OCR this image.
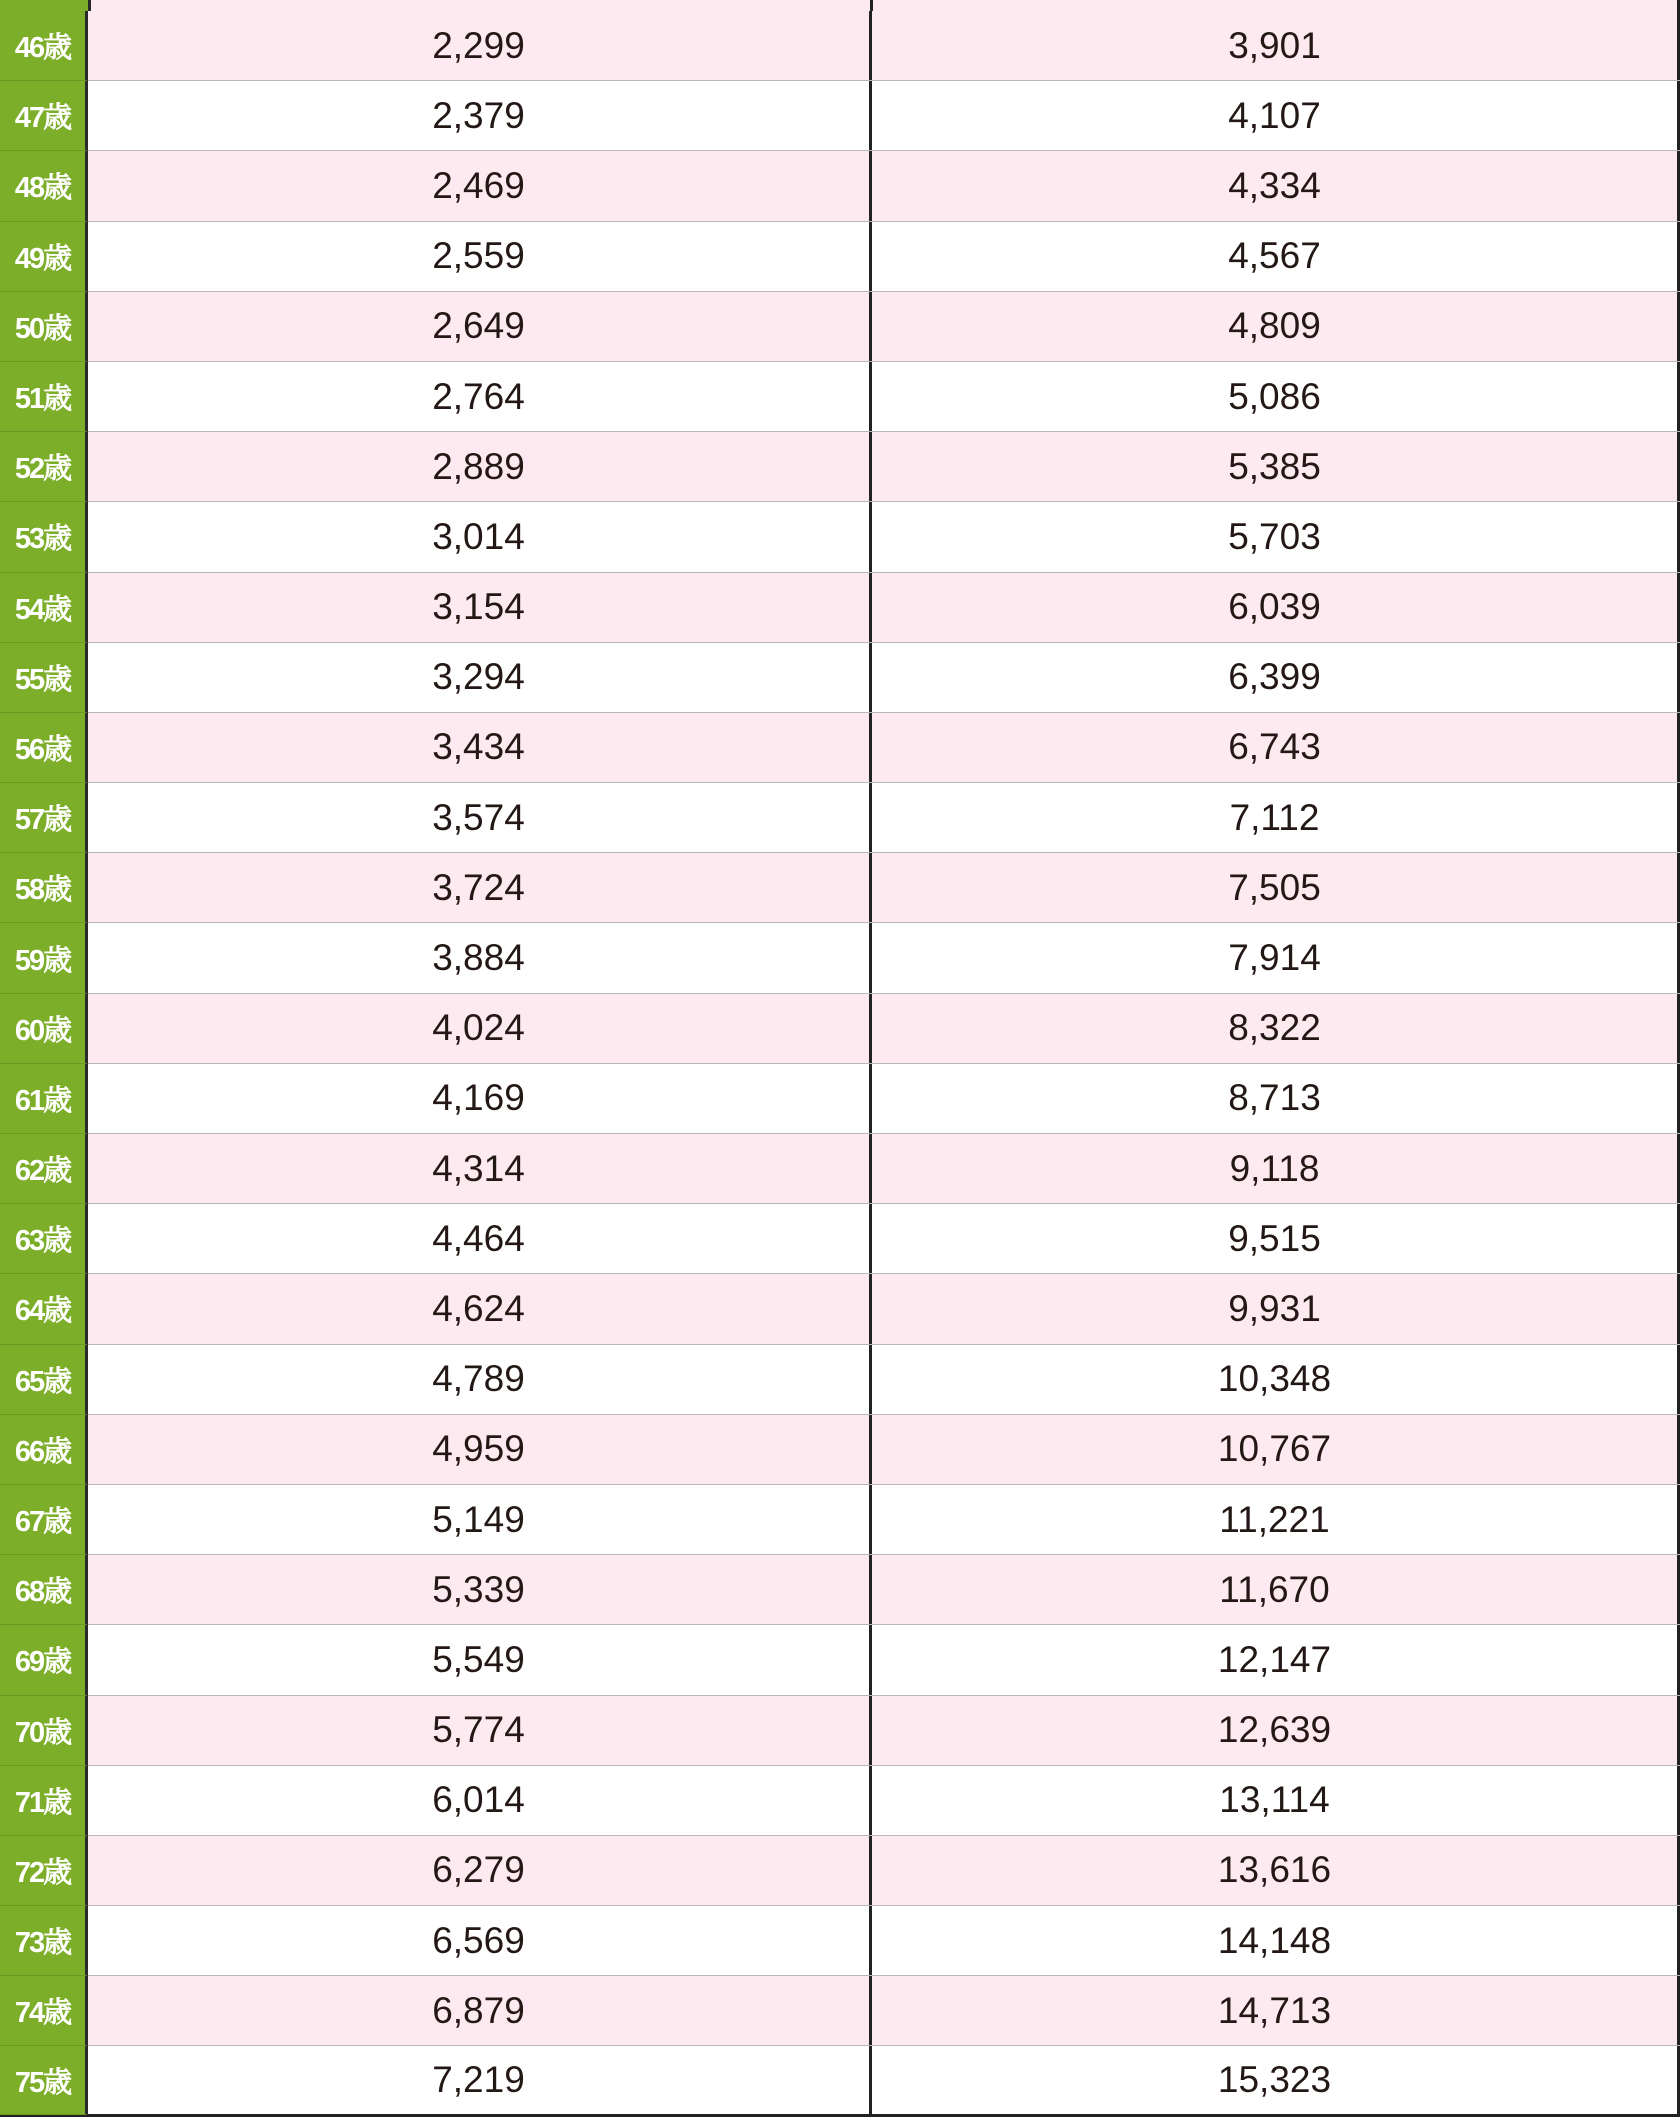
46歳	2,299	3,901
47歳	2,379	4,107
48歳	2,469	4,334
49歳	2,559	4,567
50歳	2,649	4,809
51歳	2,764	5,086
52歳	2,889	5,385
53歳	3,014	5,703
54歳	3,154	6,039
55歳	3,294	6,399
56歳	3,434	6,743
57歳	3,574	7,112
58歳	3,724	7,505
59歳	3,884	7,914
60歳	4,024	8,322
61歳	4,169	8,713
62歳	4,314	9,118
63歳	4,464	9,515
64歳	4,624	9,931
65歳	4,789	10,348
66歳	4,959	10,767
67歳	5,149	11,221
68歳	5,339	11,670
69歳	5,549	12,147
70歳	5,774	12,639
71歳	6,014	13,114
72歳	6,279	13,616
73歳	6,569	14,148
74歳	6,879	14,713
75歳	7,219	15,323
